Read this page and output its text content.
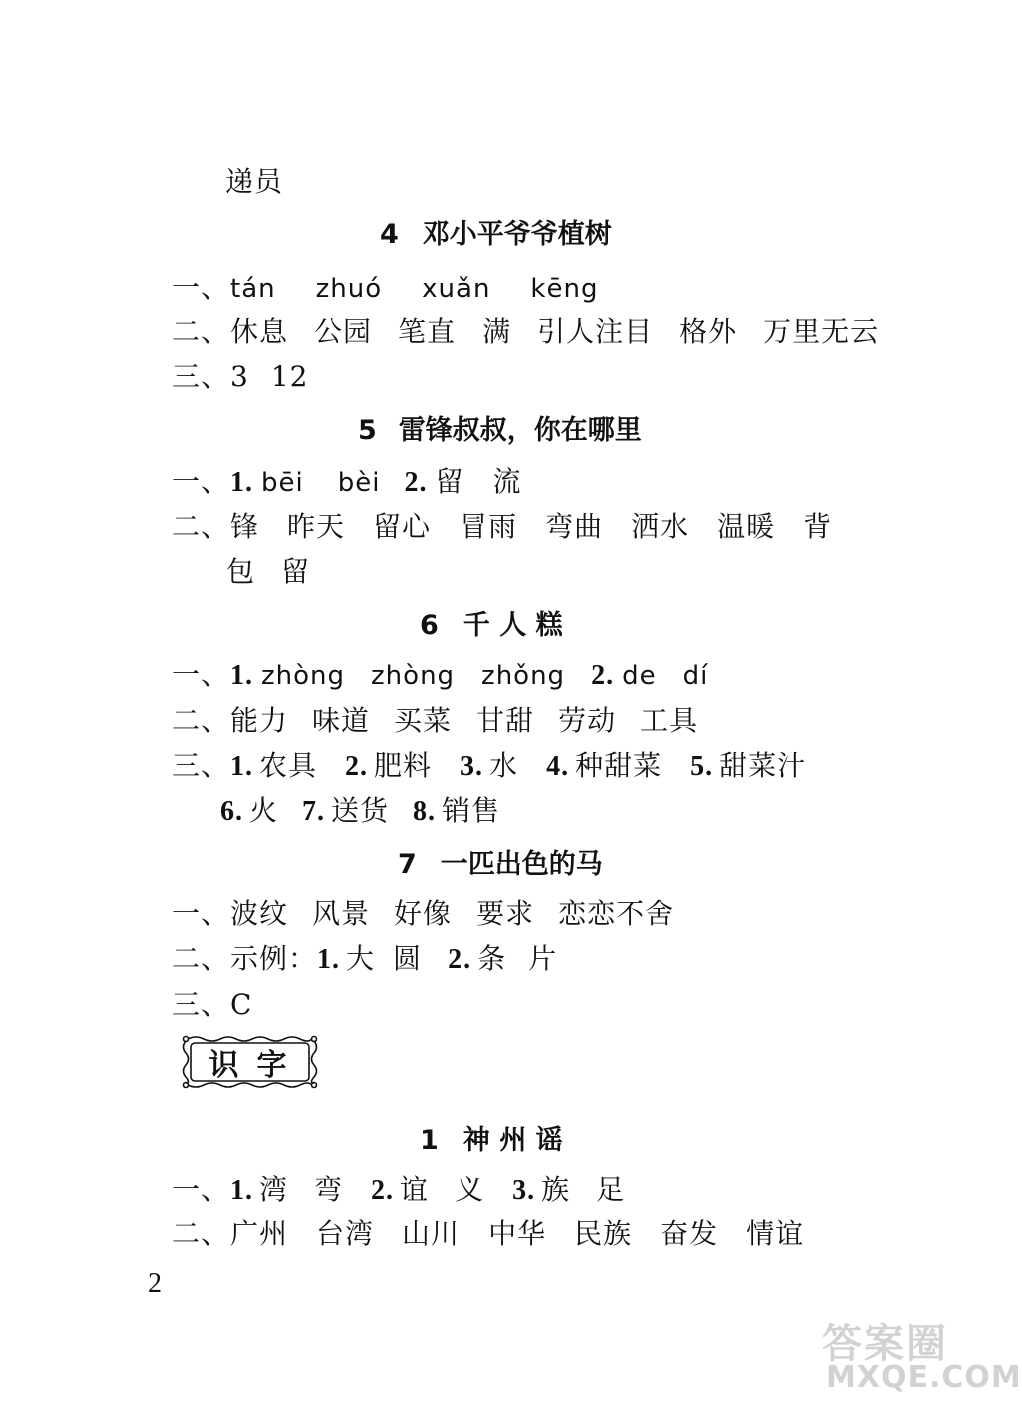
递员
4 邓小平爷爷植树
一、tán zhuó xuǎn kēng
二、休息 公园 笔直 满 引人注目 格外 万里无云
三、3 12
5 雷锋叔叔，你在哪里
一、1. bēi bèi 2. 留 流
二、锋 昨天 留心 冒雨 弯曲 洒水 温暖 背
包 留
6 千 人 糕
一、1. zhòng zhòng zhǒng 2. de dí
二、能力 味道 买菜 甘甜 劳动 工具
三、1. 农具 2. 肥料 3. 水 4. 种甜菜 5. 甜菜汁
6. 火 7. 送货 8. 销售
7 一匹出色的马
一、波纹 风景 好像 要求 恋恋不舍
二、示例：1. 大 圆 2. 条 片
三、C
识字
1 神 州 谣
一、1. 湾 弯 2. 谊 义 3. 族 足
二、广州 台湾 山川 中华 民族 奋发 情谊
2
答案圈
MXQE.COM
